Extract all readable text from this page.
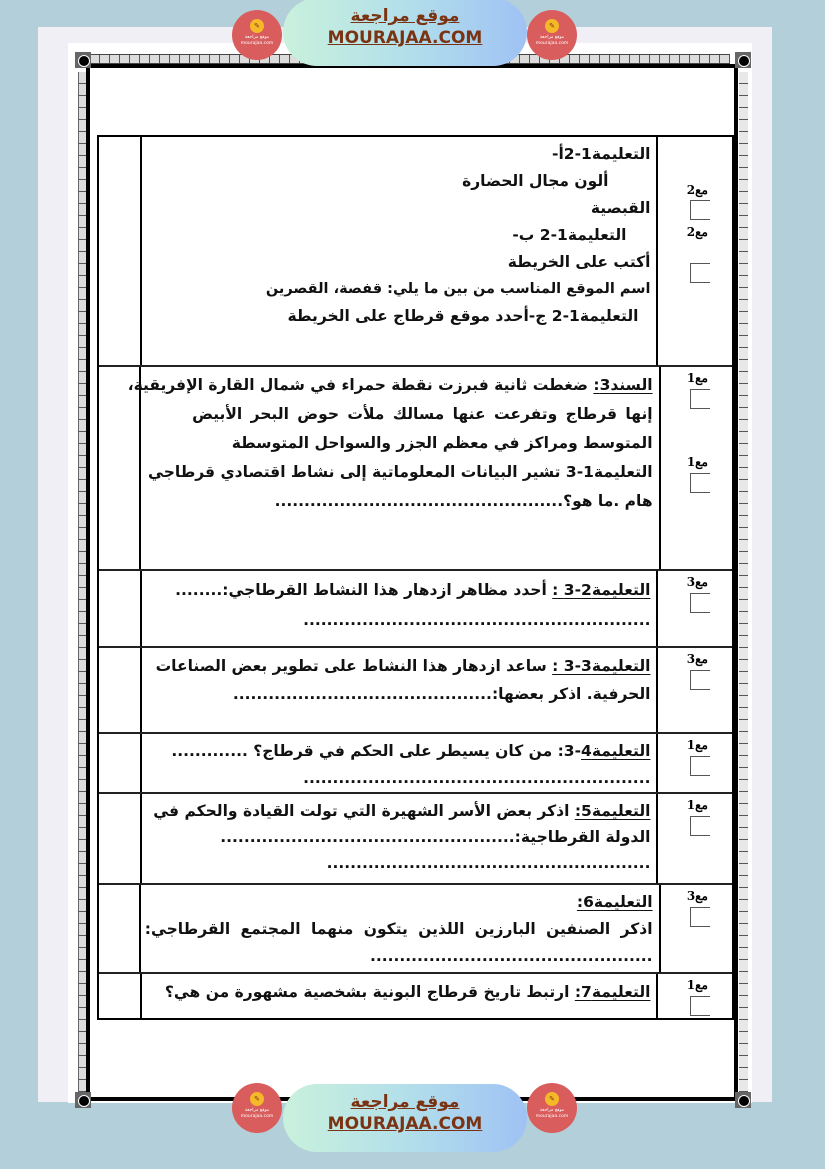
✎
موقع مراجعة
mourajaa.com
موقع مراجعة
MOURAJAA.COM
✎
موقع مراجعة
mourajaa.com
التعليمة1-2أ-
ألون مجال الحضارة
القبصية
التعليمة1-2 ب-
أكتب على الخريطة
اسم الموقع المناسب من بين ما يلي: قفصة، القصرين
التعليمة1-2 ج-أحدد موقع قرطاج على الخريطة
مع2
مع2
السند3: ضغطت ثانية فبرزت نقطة حمراء في شمال القارة الإفريقية،
إنها قرطاج وتفرعت عنها مسالك ملأت حوض البحر الأبيض
المتوسط ومراكز في معظم الجزر والسواحل المتوسطة
التعليمة1-3 تشير البيانات المعلوماتية إلى نشاط اقتصادي قرطاجي
هام .ما هو؟.................................................
مع1
مع1
التعليمة2-3 : أحدد مظاهر ازدهار هذا النشاط القرطاجي:........
...........................................................
مع3
التعليمة3-3 : ساعد ازدهار هذا النشاط على تطوير بعض الصناعات
الحرفية. اذكر بعضها:............................................
مع3
التعليمة4-3: من كان يسيطر على الحكم في قرطاج؟ .............
...........................................................
مع1
التعليمة5: اذكر بعض الأسر الشهيرة التي تولت القيادة والحكم في
الدولة القرطاجية:..................................................
.......................................................
مع1
التعليمة6:
اذكر الصنفين البارزين اللذين يتكون منهما المجتمع القرطاجي:
................................................
مع3
التعليمة7: ارتبط تاريخ قرطاج البونية بشخصية مشهورة من هي؟	مع1
✎
موقع مراجعة
mourajaa.com
موقع مراجعة
MOURAJAA.COM
✎
موقع مراجعة
mourajaa.com
